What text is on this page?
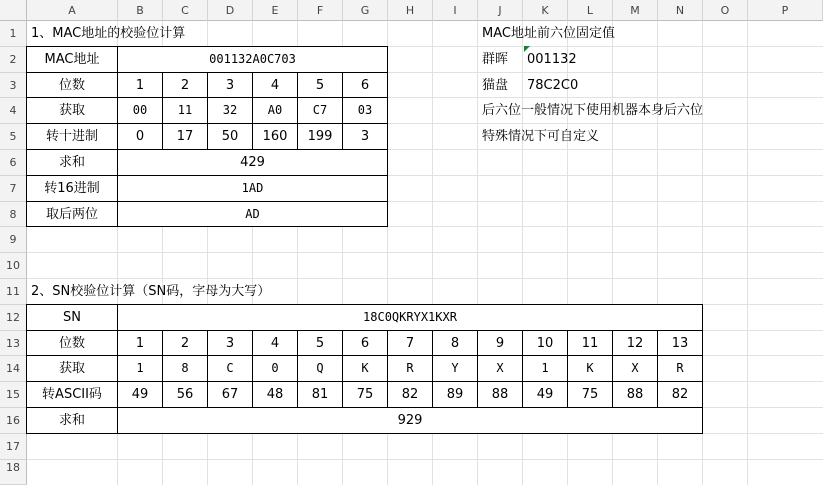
A	B	C	D	E	F	G	H	I	J	K	L	M	N	O	P
1
2
3
4
5
6
7
8
9
10
11
12
13
14
15
16
17
18
1、MAC地址的校验位计算
MAC地址	001132A0C703
位数	1	2	3	4	5	6
获取	00	11	32	A0	C7	03
转十进制	0	17	50	160	199	3
求和	429
转16进制	1AD
取后两位	AD
MAC地址前六位固定值
群晖	001132
猫盘	78C2C0
后六位一般情况下使用机器本身后六位
特殊情况下可自定义
2、SN校验位计算（SN码，字母为大写）
SN	18C0QKRYX1KXR
位数	1	2	3	4	5	6	7	8	9	10	11	12	13
获取	1	8	C	0	Q	K	R	Y	X	1	K	X	R
转ASCII码	49	56	67	48	81	75	82	89	88	49	75	88	82
求和	929
